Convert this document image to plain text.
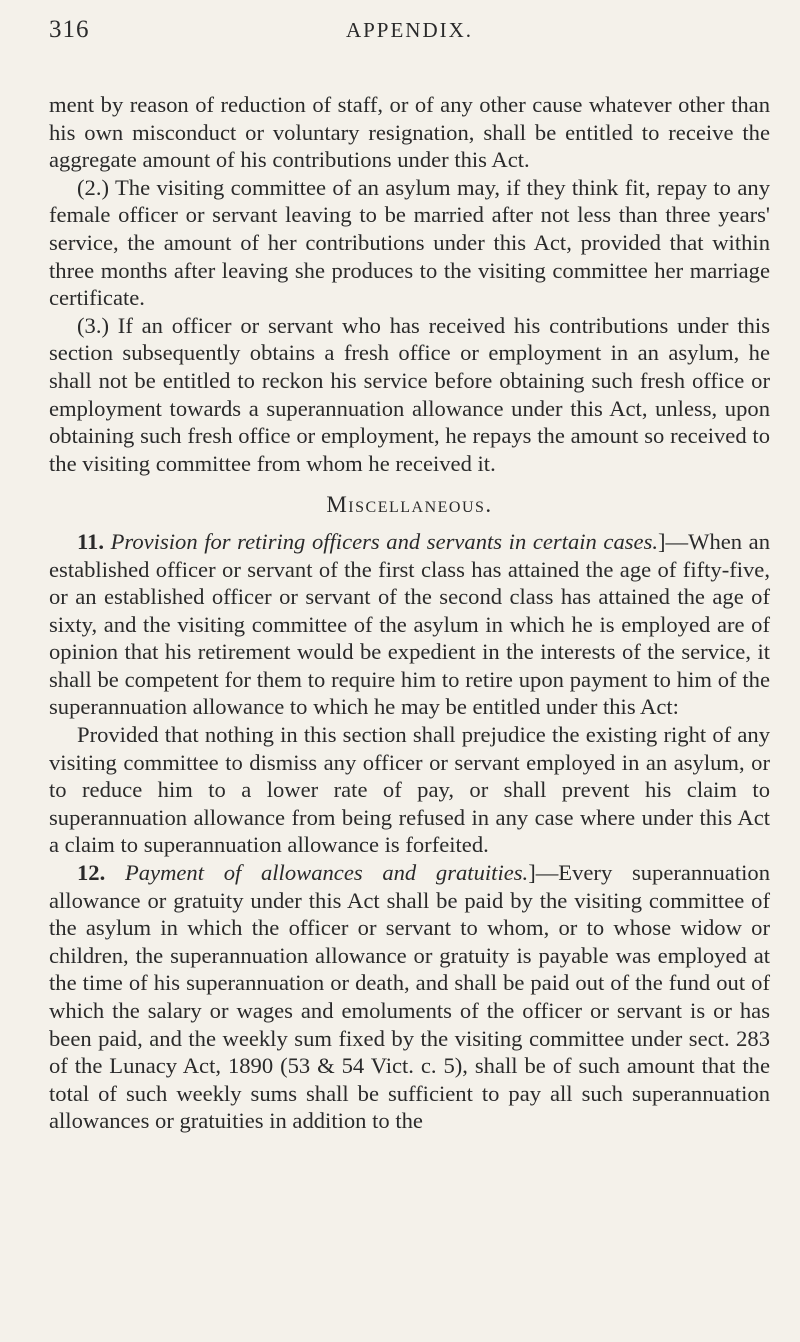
316	APPENDIX.

ment by reason of reduction of staff, or of any other cause whatever other than his own misconduct or voluntary resignation, shall be entitled to receive the aggregate amount of his contributions under this Act.

(2.) The visiting committee of an asylum may, if they think fit, repay to any female officer or servant leaving to be married after not less than three years' service, the amount of her contributions under this Act, provided that within three months after leaving she produces to the visiting committee her marriage certificate.

(3.) If an officer or servant who has received his contributions under this section subsequently obtains a fresh office or employment in an asylum, he shall not be entitled to reckon his service before obtaining such fresh office or employment towards a superannuation allowance under this Act, unless, upon obtaining such fresh office or employment, he repays the amount so received to the visiting committee from whom he received it.

Miscellaneous.

11. Provision for retiring officers and servants in certain cases.]—When an established officer or servant of the first class has attained the age of fifty-five, or an established officer or servant of the second class has attained the age of sixty, and the visiting committee of the asylum in which he is employed are of opinion that his retirement would be expedient in the interests of the service, it shall be competent for them to require him to retire upon payment to him of the superannuation allowance to which he may be entitled under this Act:

Provided that nothing in this section shall prejudice the existing right of any visiting committee to dismiss any officer or servant employed in an asylum, or to reduce him to a lower rate of pay, or shall prevent his claim to superannuation allowance from being refused in any case where under this Act a claim to superannuation allowance is forfeited.

12. Payment of allowances and gratuities.]—Every superannuation allowance or gratuity under this Act shall be paid by the visiting committee of the asylum in which the officer or servant to whom, or to whose widow or children, the superannuation allowance or gratuity is payable was employed at the time of his superannuation or death, and shall be paid out of the fund out of which the salary or wages and emoluments of the officer or servant is or has been paid, and the weekly sum fixed by the visiting committee under sect. 283 of the Lunacy Act, 1890 (53 & 54 Vict. c. 5), shall be of such amount that the total of such weekly sums shall be sufficient to pay all such superannuation allowances or gratuities in addition to the
